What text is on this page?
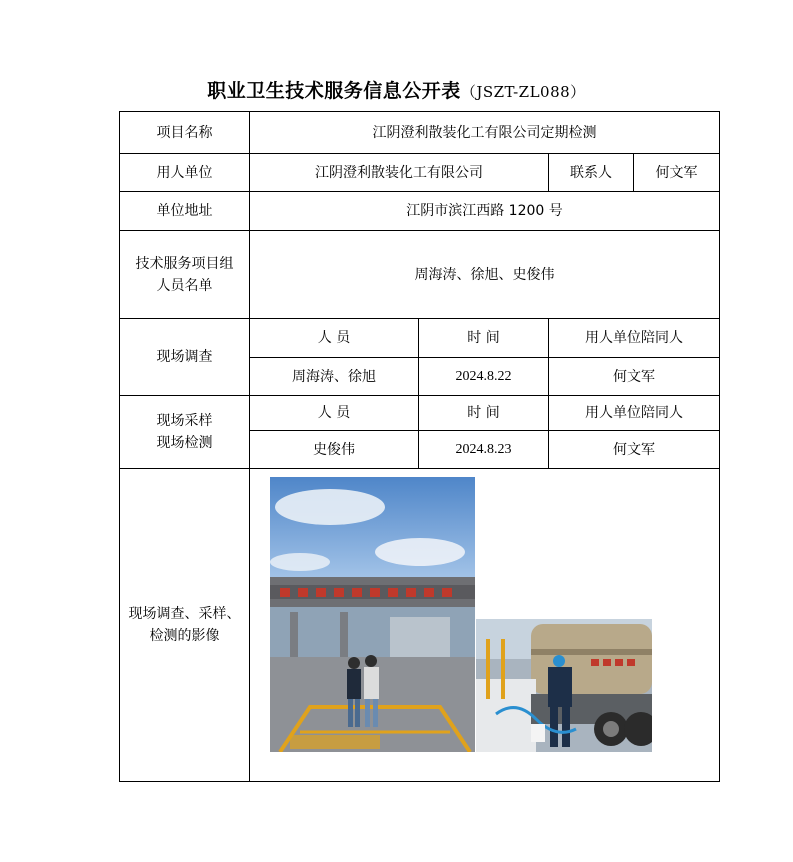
职业卫生技术服务信息公开表（JSZT-ZL088）
项目名称	江阴澄利散装化工有限公司定期检测			
用人单位	江阴澄利散装化工有限公司		联系人	何文军
单位地址	江阴市滨江西路 1200 号			

技术服务项目组
人员名单	周海涛、徐旭、史俊伟			
现场调查	人 员	时 间	用人单位陪同人	
	周海涛、徐旭	2024.8.22	何文军	

现场采样
现场检测	人 员	时 间	用人单位陪同人	
	史俊伟	2024.8.23	何文军	

现场调查、采样、
检测的影像
